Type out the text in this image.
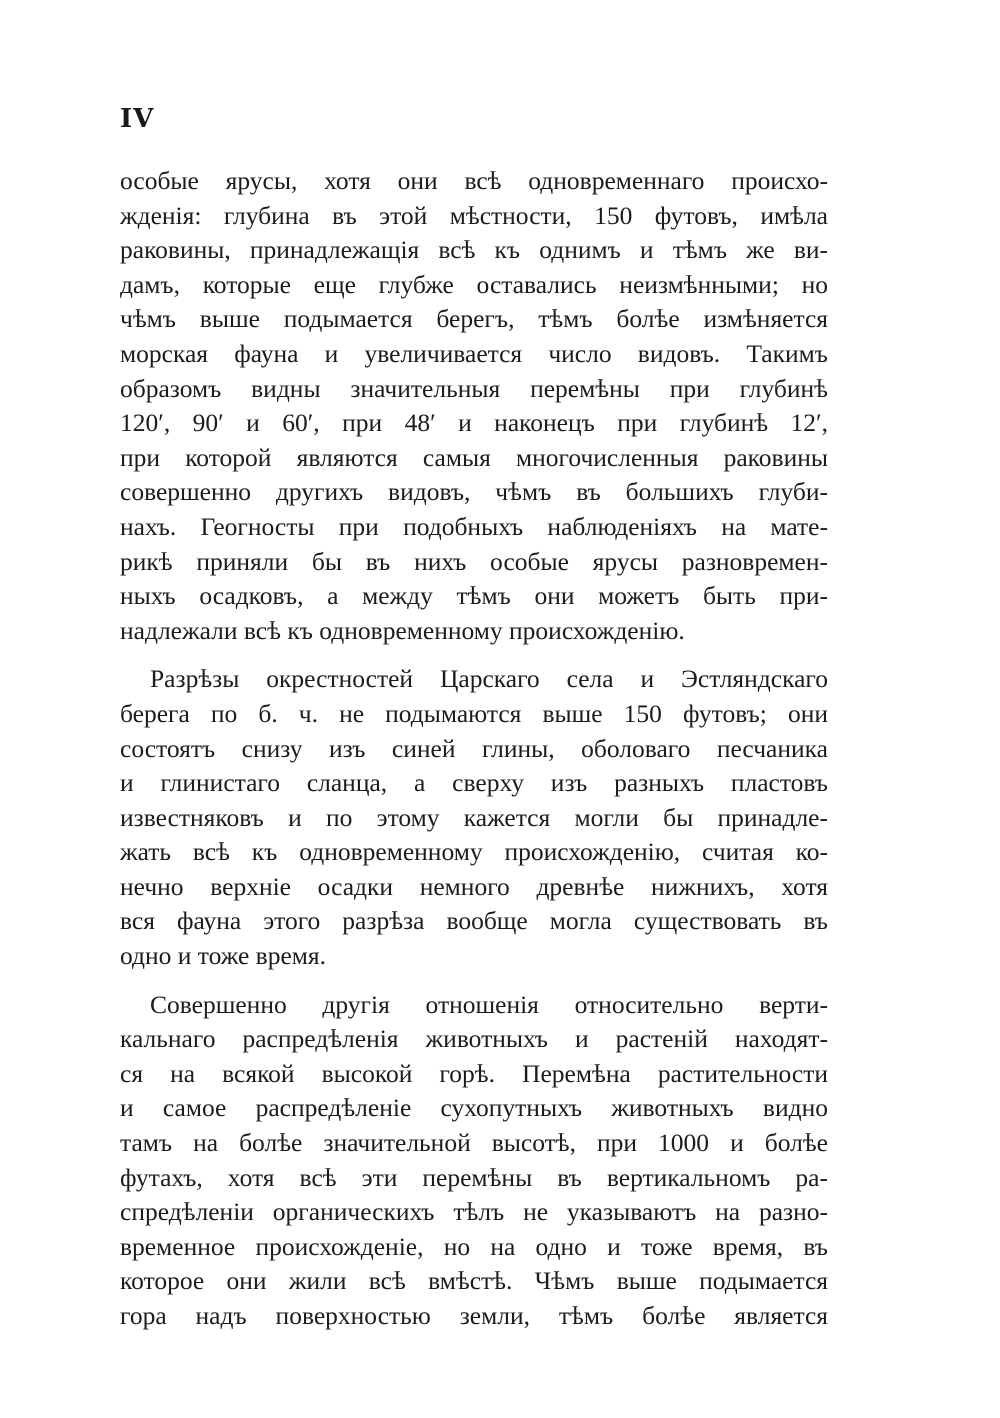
IV
особые ярусы, хотя они всѣ одновременнаго происхо-
жденія: глубина въ этой мѣстности, 150 футовъ, имѣла
раковины, принадлежащія всѣ къ однимъ и тѣмъ же ви-
дамъ, которые еще глубже оставались неизмѣнными; но
чѣмъ выше подымается берегъ, тѣмъ болѣе измѣняется
морская фауна и увеличивается число видовъ. Такимъ
образомъ видны значительныя перемѣны при глубинѣ
120′, 90′ и 60′, при 48′ и наконецъ при глубинѣ 12′,
при которой являются самыя многочисленныя раковины
совершенно другихъ видовъ, чѣмъ въ большихъ глуби-
нахъ. Геогносты при подобныхъ наблюденіяхъ на мате-
рикѣ приняли бы въ нихъ особые ярусы разновремен-
ныхъ осадковъ, а между тѣмъ они можетъ быть при-
надлежали всѣ къ одновременному происхожденію.
Разрѣзы окрестностей Царскаго села и Эстляндскаго
берега по б. ч. не подымаются выше 150 футовъ; они
состоятъ снизу изъ синей глины, оболоваго песчаника
и глинистаго сланца, а сверху изъ разныхъ пластовъ
известняковъ и по этому кажется могли бы принадле-
жать всѣ къ одновременному происхожденію, считая ко-
нечно верхніе осадки немного древнѣе нижнихъ, хотя
вся фауна этого разрѣза вообще могла существовать въ
одно и тоже время.
Совершенно другія отношенія относительно верти-
кальнаго распредѣленія животныхъ и растеній находят-
ся на всякой высокой горѣ. Перемѣна растительности
и самое распредѣленіе сухопутныхъ животныхъ видно
тамъ на болѣе значительной высотѣ, при 1000 и болѣе
футахъ, хотя всѣ эти перемѣны въ вертикальномъ ра-
спредѣленіи органическихъ тѣлъ не указываютъ на разно-
временное происхожденіе, но на одно и тоже время, въ
которое они жили всѣ вмѣстѣ. Чѣмъ выше подымается
гора надъ поверхностью земли, тѣмъ болѣе является
